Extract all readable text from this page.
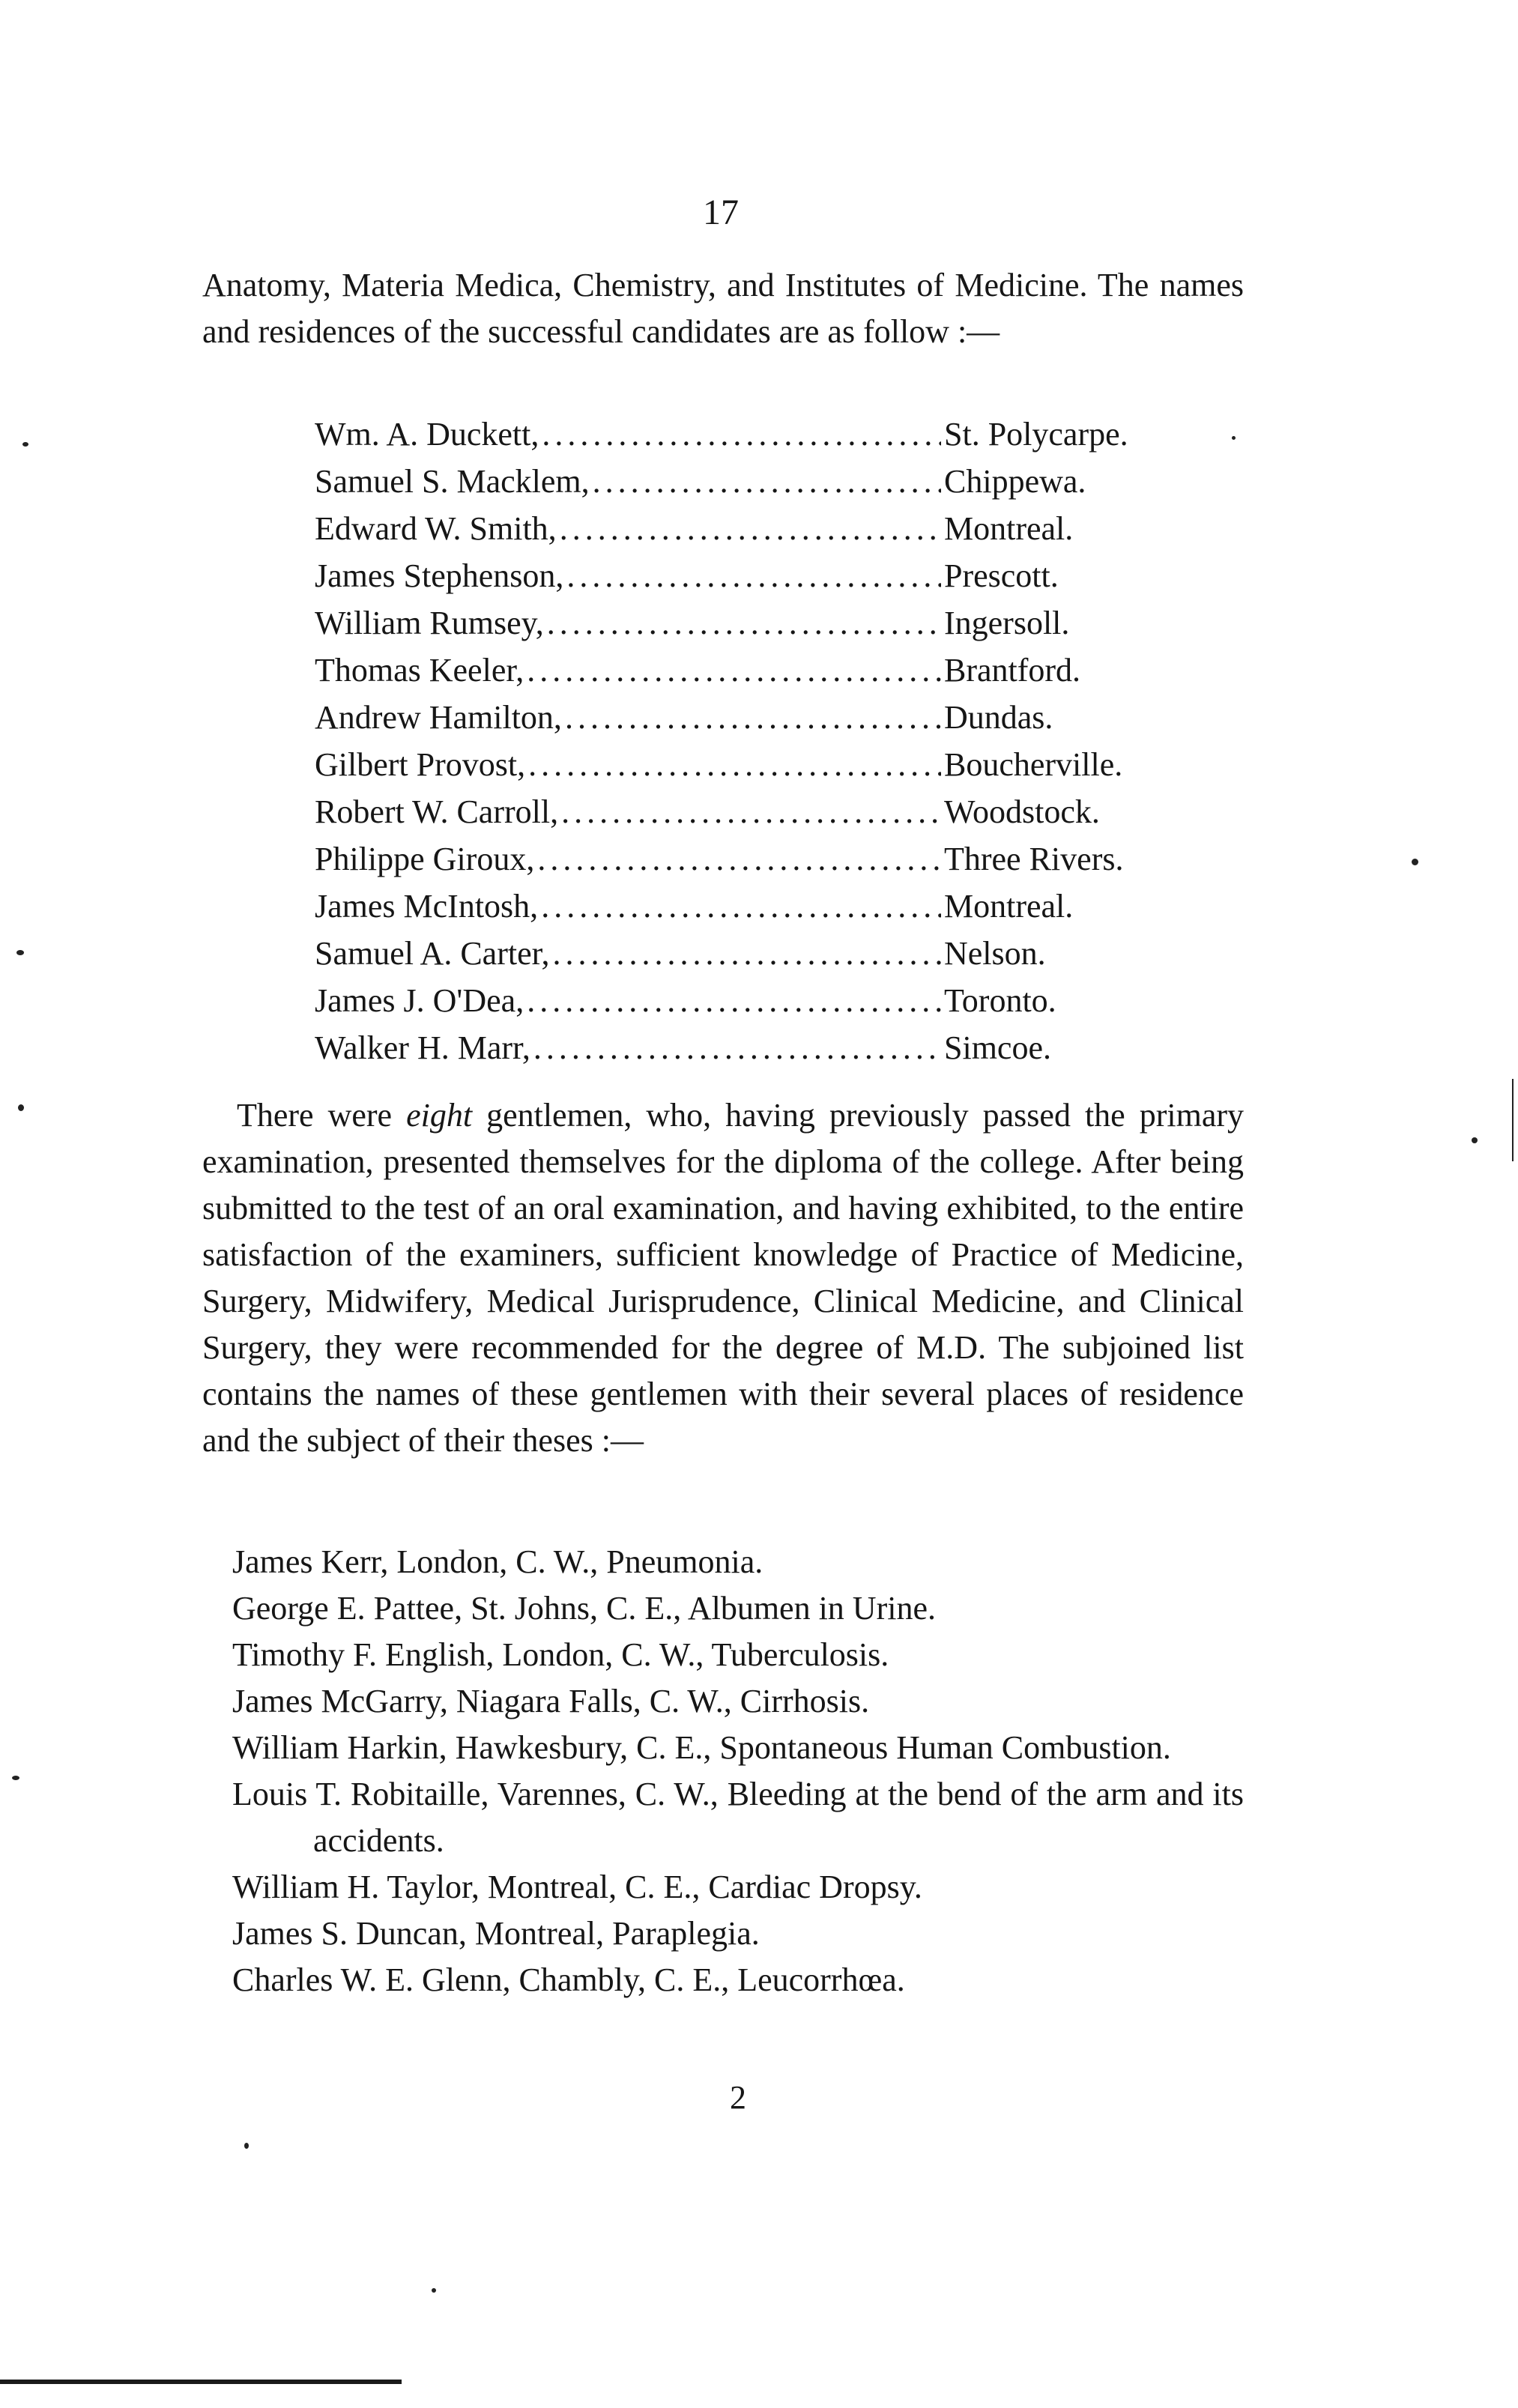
17

Anatomy, Materia Medi⁠ca, Chemistry, and Institutes of Medicine. The names and residences of the successful candidates are as follow :—

Wm. A. Duckett, .....	St. Polycarpe.
Samuel S. Macklem, .....	Chippewa.
Edward W. Smith, .....	Montreal.
James Stephenson, .....	Prescott.
William Rumsey, .....	Ingersoll.
Thomas Keeler, .....	Brantford.
Andrew Hamilton, .....	Dundas.
Gilbert Provost, .....	Boucherville.
Robert W. Carroll, .....	Woodstock.
Philippe Giroux, .....	Three Rivers.
James McIntosh, .....	Montreal.
Samuel A. Carter, .....	Nelson.
James J. O'Dea, .....	Toronto.
Walker H. Marr, .....	Simcoe.

There were eight gentlemen, who, having previously passed the primary examination, presented themselves for the diploma of the college. After being submitted to the test of an oral examination, and having exhibited, to the entire satisfaction of the examiners, sufficient knowledge of Practice of Medicine, Surgery, Midwifery, Medical Jurisprudence, Clinical Medicine, and Clinical Surgery, they were recommended for the degree of M.D. The subjoined list contains the names of these gentlemen with their several places of residence and the subject of their theses :—

James Kerr, London, C. W., Pneumonia.
George E. Pattee, St. Johns, C. E., Albumen in Urine.
Timothy F. English, London, C. W., Tuberculosis.
James McGarry, Niagara Falls, C. W., Cirrhosis.
William Harkin, Hawkesbury, C. E., Spontaneous Human Combustion.
Louis T. Robitaille, Varennes, C. W., Bleeding at the bend of the arm and its accidents.
William H. Taylor, Montreal, C. E., Cardiac Dropsy.
James S. Duncan, Montreal, Paraplegia.
Charles W. E. Glenn, Chambly, C. E., Leucorrhœa.
2
